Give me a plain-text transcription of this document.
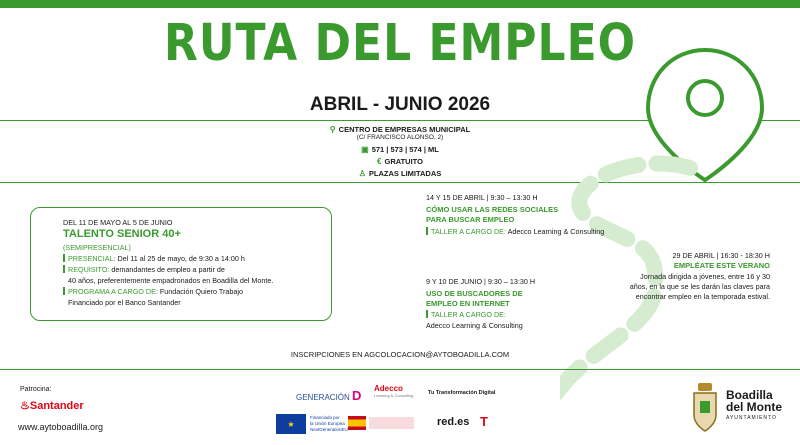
RUTA DEL EMPLEO
ABRIL - JUNIO 2026
⚲ CENTRO DE EMPRESAS MUNICIPAL
(C/ FRANCISCO ALONSO, 2)
▣ 571 | 573 | 574 | ML
€ GRATUITO
♙ PLAZAS LIMITADAS
DEL 11 DE MAYO AL 5 DE JUNIO
TALENTO SENIOR 40+
(SEMIPRESENCIAL)
PRESENCIAL: Del 11 al 25 de mayo, de 9:30 a 14:00 h
REQUISITO: demandantes de empleo a partir de
40 años, preferentemente empadronados en Boadilla del Monte.
PROGRAMA A CARGO DE: Fundación Quiero Trabajo
Financiado por el Banco Santander
14 Y 15 DE ABRIL | 9:30 – 13:30 H
CÓMO USAR LAS REDES SOCIALES
PARA BUSCAR EMPLEO
TALLER A CARGO DE: Adecco Learning & Consulting
9 Y 10 DE JUNIO | 9:30 – 13:30 H
USO DE BUSCADORES DE
EMPLEO EN INTERNET
TALLER A CARGO DE:
Adecco Learning & Consulting
29 DE ABRIL | 16:30 - 18:30 H
EMPLÉATE ESTE VERANO
Jornada dirigida a jóvenes, entre 16 y 30
años, en la que se les darán las claves para
encontrar empleo en la temporada estival.
INSCRIPCIONES EN AGCOLOCACION@AYTOBOADILLA.COM
Patrocina:
♨Santander
www.aytoboadilla.org
GENERACIÓN D Adecco
Learning & Consulting	Tu Transformación Digital
★
Financiado por
la Unión Europea
NextGenerationEU
red.es T
Boadilla
del Monte
AYUNTAMIENTO
